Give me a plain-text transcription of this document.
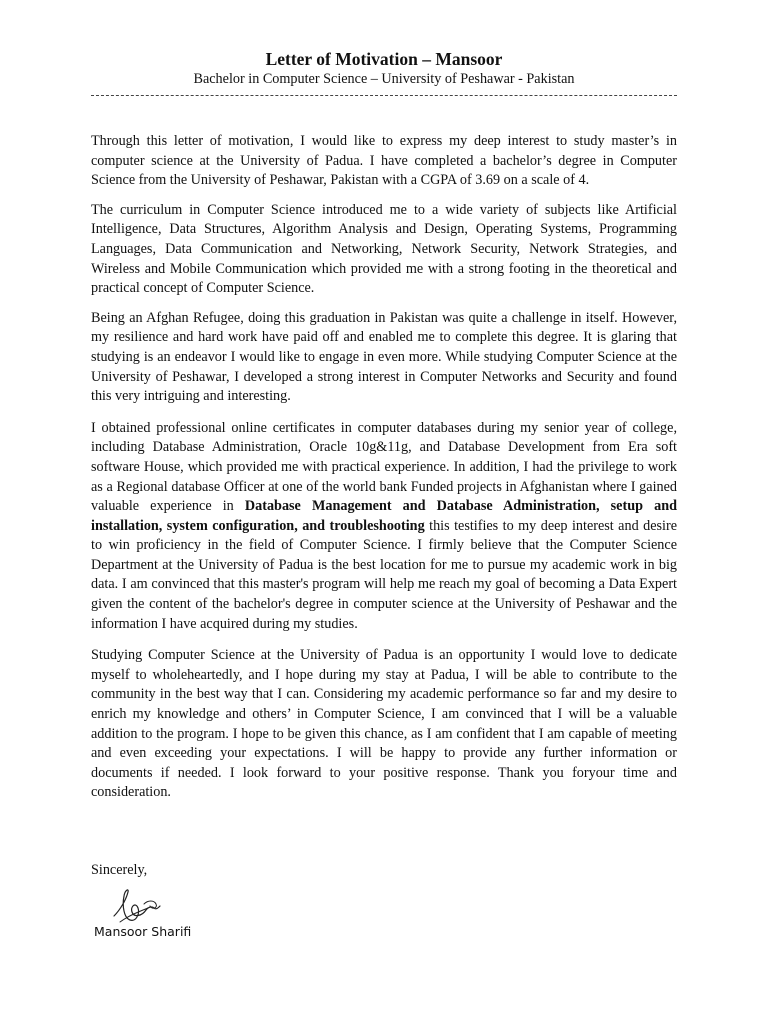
Letter of Motivation – Mansoor

Bachelor in Computer Science – University of Peshawar - Pakistan

Through this letter of motivation, I would like to express my deep interest to study master’s in computer science at the University of Padua. I have completed a bachelor’s degree in Computer Science from the University of Peshawar, Pakistan with a CGPA of 3.69 on a scale of 4.

The curriculum in Computer Science introduced me to a wide variety of subjects like Artificial Intelligence, Data Structures, Algorithm Analysis and Design, Operating Systems, Programming Languages, Data Communication and Networking, Network Security, Network Strategies, and Wireless and Mobile Communication which provided me with a strong footing in the theoretical and practical concept of Computer Science.

Being an Afghan Refugee, doing this graduation in Pakistan was quite a challenge in itself. However, my resilience and hard work have paid off and enabled me to complete this degree. It is glaring that studying is an endeavor I would like to engage in even more. While studying Computer Science at the University of Peshawar, I developed a strong interest in Computer Networks and Security and found this very intriguing and interesting.

I obtained professional online certificates in computer databases during my senior year of college, including Database Administration, Oracle 10g&11g, and Database Development from Era soft software House, which provided me with practical experience. In addition, I had the privilege to work as a Regional database Officer at one of the world bank Funded projects in Afghanistan where I gained valuable experience in Database Management and Database Administration, setup and installation, system configuration, and troubleshooting this testifies to my deep interest and desire to win proficiency in the field of Computer Science. I firmly believe that the Computer Science Department at the University of Padua is the best location for me to pursue my academic work in big data. I am convinced that this master's program will help me reach my goal of becoming a Data Expert given the content of the bachelor's degree in computer science at the University of Peshawar and the information I have acquired during my studies.

Studying Computer Science at the University of Padua is an opportunity I would love to dedicate myself to wholeheartedly, and I hope during my stay at Padua, I will be able to contribute to the community in the best way that I can. Considering my academic performance so far and my desire to enrich my knowledge and others’ in Computer Science, I am convinced that I will be a valuable addition to the program. I hope to be given this chance, as I am confident that I am capable of meeting and even exceeding your expectations. I will be happy to provide any further information or documents if needed. I look forward to your positive response. Thank you foryour time and consideration.

Sincerely,

Mansoor Sharifi
